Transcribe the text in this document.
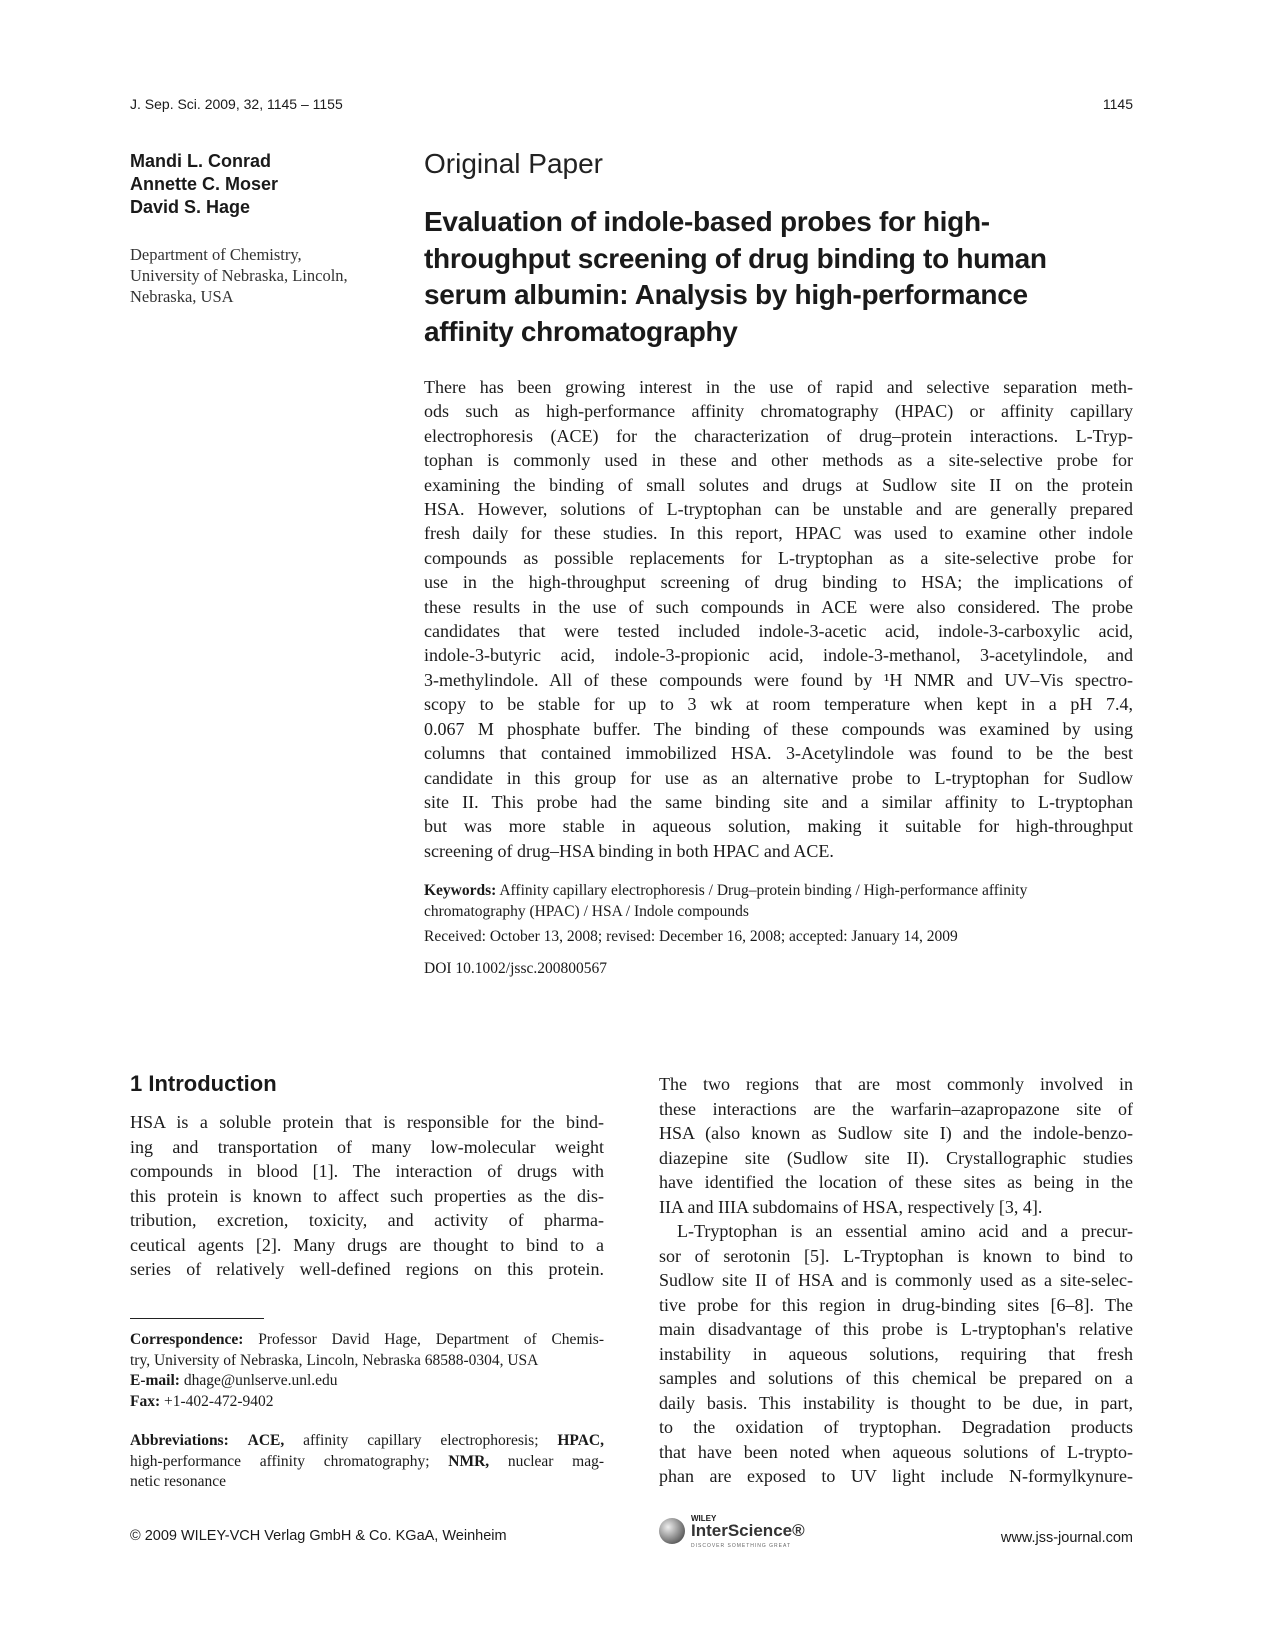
J. Sep. Sci. 2009, 32, 1145 – 1155	1145
Mandi L. Conrad
Annette C. Moser
David S. Hage
Department of Chemistry,
University of Nebraska, Lincoln,
Nebraska, USA
Original Paper
Evaluation of indole-based probes for high-
throughput screening of drug binding to human
serum albumin: Analysis by high-performance
affinity chromatography
There has been growing interest in the use of rapid and selective separation meth-
ods such as high-performance affinity chromatography (HPAC) or affinity capillary
electrophoresis (ACE) for the characterization of drug–protein interactions. L-Tryp-
tophan is commonly used in these and other methods as a site-selective probe for
examining the binding of small solutes and drugs at Sudlow site II on the protein
HSA. However, solutions of L-tryptophan can be unstable and are generally prepared
fresh daily for these studies. In this report, HPAC was used to examine other indole
compounds as possible replacements for L-tryptophan as a site-selective probe for
use in the high-throughput screening of drug binding to HSA; the implications of
these results in the use of such compounds in ACE were also considered. The probe
candidates that were tested included indole-3-acetic acid, indole-3-carboxylic acid,
indole-3-butyric acid, indole-3-propionic acid, indole-3-methanol, 3-acetylindole, and
3-methylindole. All of these compounds were found by ¹H NMR and UV–Vis spectro-
scopy to be stable for up to 3 wk at room temperature when kept in a pH 7.4,
0.067 M phosphate buffer. The binding of these compounds was examined by using
columns that contained immobilized HSA. 3-Acetylindole was found to be the best
candidate in this group for use as an alternative probe to L-tryptophan for Sudlow
site II. This probe had the same binding site and a similar affinity to L-tryptophan
but was more stable in aqueous solution, making it suitable for high-throughput
screening of drug–HSA binding in both HPAC and ACE.
Keywords: Affinity capillary electrophoresis / Drug–protein binding / High-performance affinity
chromatography (HPAC) / HSA / Indole compounds
Received: October 13, 2008; revised: December 16, 2008; accepted: January 14, 2009
DOI 10.1002/jssc.200800567
1 Introduction
HSA is a soluble protein that is responsible for the bind-
ing and transportation of many low-molecular weight
compounds in blood [1]. The interaction of drugs with
this protein is known to affect such properties as the dis-
tribution, excretion, toxicity, and activity of pharma-
ceutical agents [2]. Many drugs are thought to bind to a
series of relatively well-defined regions on this protein.
The two regions that are most commonly involved in
these interactions are the warfarin–azapropazone site of
HSA (also known as Sudlow site I) and the indole-benzo-
diazepine site (Sudlow site II). Crystallographic studies
have identified the location of these sites as being in the
IIA and IIIA subdomains of HSA, respectively [3, 4].
L-Tryptophan is an essential amino acid and a precur-
sor of serotonin [5]. L-Tryptophan is known to bind to
Sudlow site II of HSA and is commonly used as a site-selec-
tive probe for this region in drug-binding sites [6–8]. The
main disadvantage of this probe is L-tryptophan's relative
instability in aqueous solutions, requiring that fresh
samples and solutions of this chemical be prepared on a
daily basis. This instability is thought to be due, in part,
to the oxidation of tryptophan. Degradation products
that have been noted when aqueous solutions of L-trypto-
phan are exposed to UV light include N-formylkynure-
Correspondence: Professor David Hage, Department of Chemis-
try, University of Nebraska, Lincoln, Nebraska 68588-0304, USA
E-mail: dhage@unlserve.unl.edu
Fax: +1-402-472-9402
Abbreviations: ACE, affinity capillary electrophoresis; HPAC,
high-performance affinity chromatography; NMR, nuclear mag-
netic resonance
© 2009 WILEY-VCH Verlag GmbH & Co. KGaA, Weinheim
WILEY
InterScience®
DISCOVER SOMETHING GREAT	www.jss-journal.com
